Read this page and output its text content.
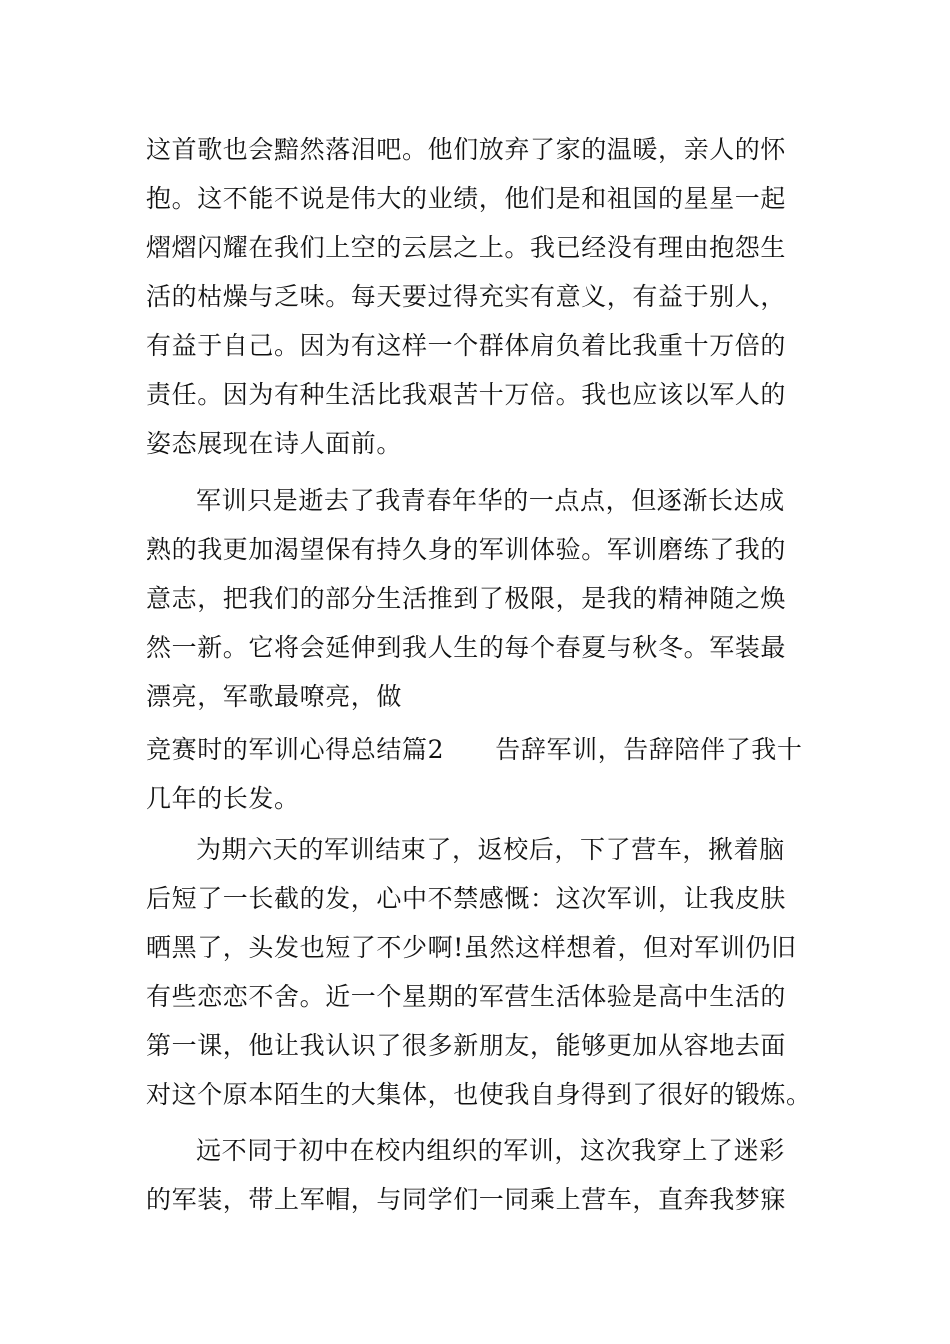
这首歌也会黯然落泪吧。他们放弃了家的温暖，亲人的怀
抱。这不能不说是伟大的业绩，他们是和祖国的星星一起
熠熠闪耀在我们上空的云层之上。我已经没有理由抱怨生
活的枯燥与乏味。每天要过得充实有意义，有益于别人，
有益于自己。因为有这样一个群体肩负着比我重十万倍的
责任。因为有种生活比我艰苦十万倍。我也应该以军人的
姿态展现在诗人面前。
军训只是逝去了我青春年华的一点点，但逐渐长达成
熟的我更加渴望保有持久身的军训体验。军训磨练了我的
意志，把我们的部分生活推到了极限，是我的精神随之焕
然一新。它将会延伸到我人生的每个春夏与秋冬。军装最
漂亮，军歌最嘹亮，做
竞赛时的军训心得总结篇2　　告辞军训，告辞陪伴了我十
几年的长发。
为期六天的军训结束了，返校后，下了营车，揪着脑
后短了一长截的发，心中不禁感慨：这次军训，让我皮肤
晒黑了，头发也短了不少啊!虽然这样想着，但对军训仍旧
有些恋恋不舍。近一个星期的军营生活体验是高中生活的
第一课，他让我认识了很多新朋友，能够更加从容地去面
对这个原本陌生的大集体，也使我自身得到了很好的锻炼。
远不同于初中在校内组织的军训，这次我穿上了迷彩
的军装，带上军帽，与同学们一同乘上营车，直奔我梦寐
